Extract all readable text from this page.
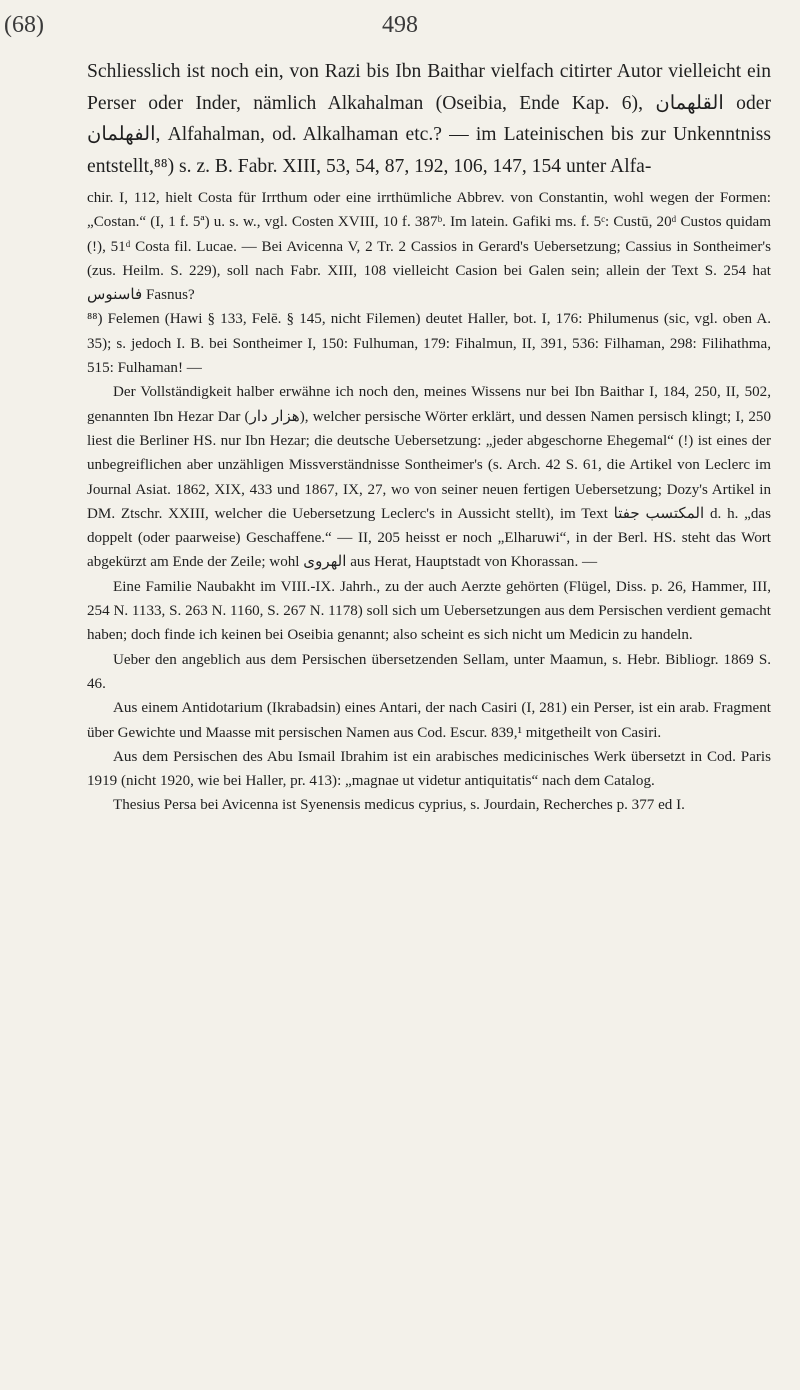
(68)	498

Schliesslich ist noch ein, von Razi bis Ibn Baithar vielfach citirter Autor vielleicht ein Perser oder Inder, nämlich Alkahalman (Oseibia, Ende Kap. 6), ﺍﻟﻘﻠﻬﻤﺎﻥ oder ﺍﻟﻔﻬﻠﻤﺎﻥ, Alfahalman, od. Alkalhaman etc.? — im Lateinischen bis zur Unkenntniss entstellt,⁸⁸) s. z. B. Fabr. XIII, 53, 54, 87, 192, 106, 147, 154 unter Alfa-

chir. I, 112, hielt Costa für Irrthum oder eine irrthümliche Abbrev. von Constantin, wohl wegen der Formen: „Costan.“ (I, 1 f. 5ª) u. s. w., vgl. Costen XVIII, 10 f. 387ᵇ. Im latein. Gafiki ms. f. 5ᶜ: Custū, 20ᵈ Custos quidam (!), 51ᵈ Costa fil. Lucae. — Bei Avicenna V, 2 Tr. 2 Cassios in Gerard's Uebersetzung; Cassius in Sontheimer's (zus. Heilm. S. 229), soll nach Fabr. XIII, 108 vielleicht Casion bei Galen sein; allein der Text S. 254 hat ﻓﺎﺳﻨﻮﺱ Fasnus?

⁸⁸) Felemen (Hawi § 133, Felē. § 145, nicht Filemen) deutet Haller, bot. I, 176: Philumenus (sic, vgl. oben A. 35); s. jedoch I. B. bei Sontheimer I, 150: Fulhuman, 179: Fihalmun, II, 391, 536: Filhaman, 298: Filihathma, 515: Fulhaman! —

Der Vollständigkeit halber erwähne ich noch den, meines Wissens nur bei Ibn Baithar I, 184, 250, II, 502, genannten Ibn Hezar Dar (ﻫﺰﺍﺭ ﺩﺍﺭ), welcher persische Wörter erklärt, und dessen Namen persisch klingt; I, 250 liest die Berliner HS. nur Ibn Hezar; die deutsche Uebersetzung: „jeder abgeschorne Ehegemal“ (!) ist eines der unbegreiflichen aber unzähligen Missverständnisse Sontheimer's (s. Arch. 42 S. 61, die Artikel von Leclerc im Journal Asiat. 1862, XIX, 433 und 1867, IX, 27, wo von seiner neuen fertigen Uebersetzung; Dozy's Artikel in DM. Ztschr. XXIII, welcher die Uebersetzung Leclerc's in Aussicht stellt), im Text ﺍﻟﻤﻜﺘﺴﺐ ﺟﻔﺘﺎ d. h. „das doppelt (oder paarweise) Geschaffene.“ — II, 205 heisst er noch „Elharuwi“, in der Berl. HS. steht das Wort abgekürzt am Ende der Zeile; wohl ﺍﻟﻬﺮﻭﻯ aus Herat, Hauptstadt von Khorassan. —

Eine Familie Naubakht im VIII.-IX. Jahrh., zu der auch Aerzte gehörten (Flügel, Diss. p. 26, Hammer, III, 254 N. 1133, S. 263 N. 1160, S. 267 N. 1178) soll sich um Uebersetzungen aus dem Persischen verdient gemacht haben; doch finde ich keinen bei Oseibia genannt; also scheint es sich nicht um Medicin zu handeln.

Ueber den angeblich aus dem Persischen übersetzenden Sellam, unter Maamun, s. Hebr. Bibliogr. 1869 S. 46.

Aus einem Antidotarium (Ikrabadsin) eines Antari, der nach Casiri (I, 281) ein Perser, ist ein arab. Fragment über Gewichte und Maasse mit persischen Namen aus Cod. Escur. 839,¹ mitgetheilt von Casiri.

Aus dem Persischen des Abu Ismail Ibrahim ist ein arabisches medicinisches Werk übersetzt in Cod. Paris 1919 (nicht 1920, wie bei Haller, pr. 413): „magnae ut videtur antiquitatis“ nach dem Catalog.

Thesius Persa bei Avicenna ist Syenensis medicus cyprius, s. Jourdain, Recherches p. 377 ed I.
